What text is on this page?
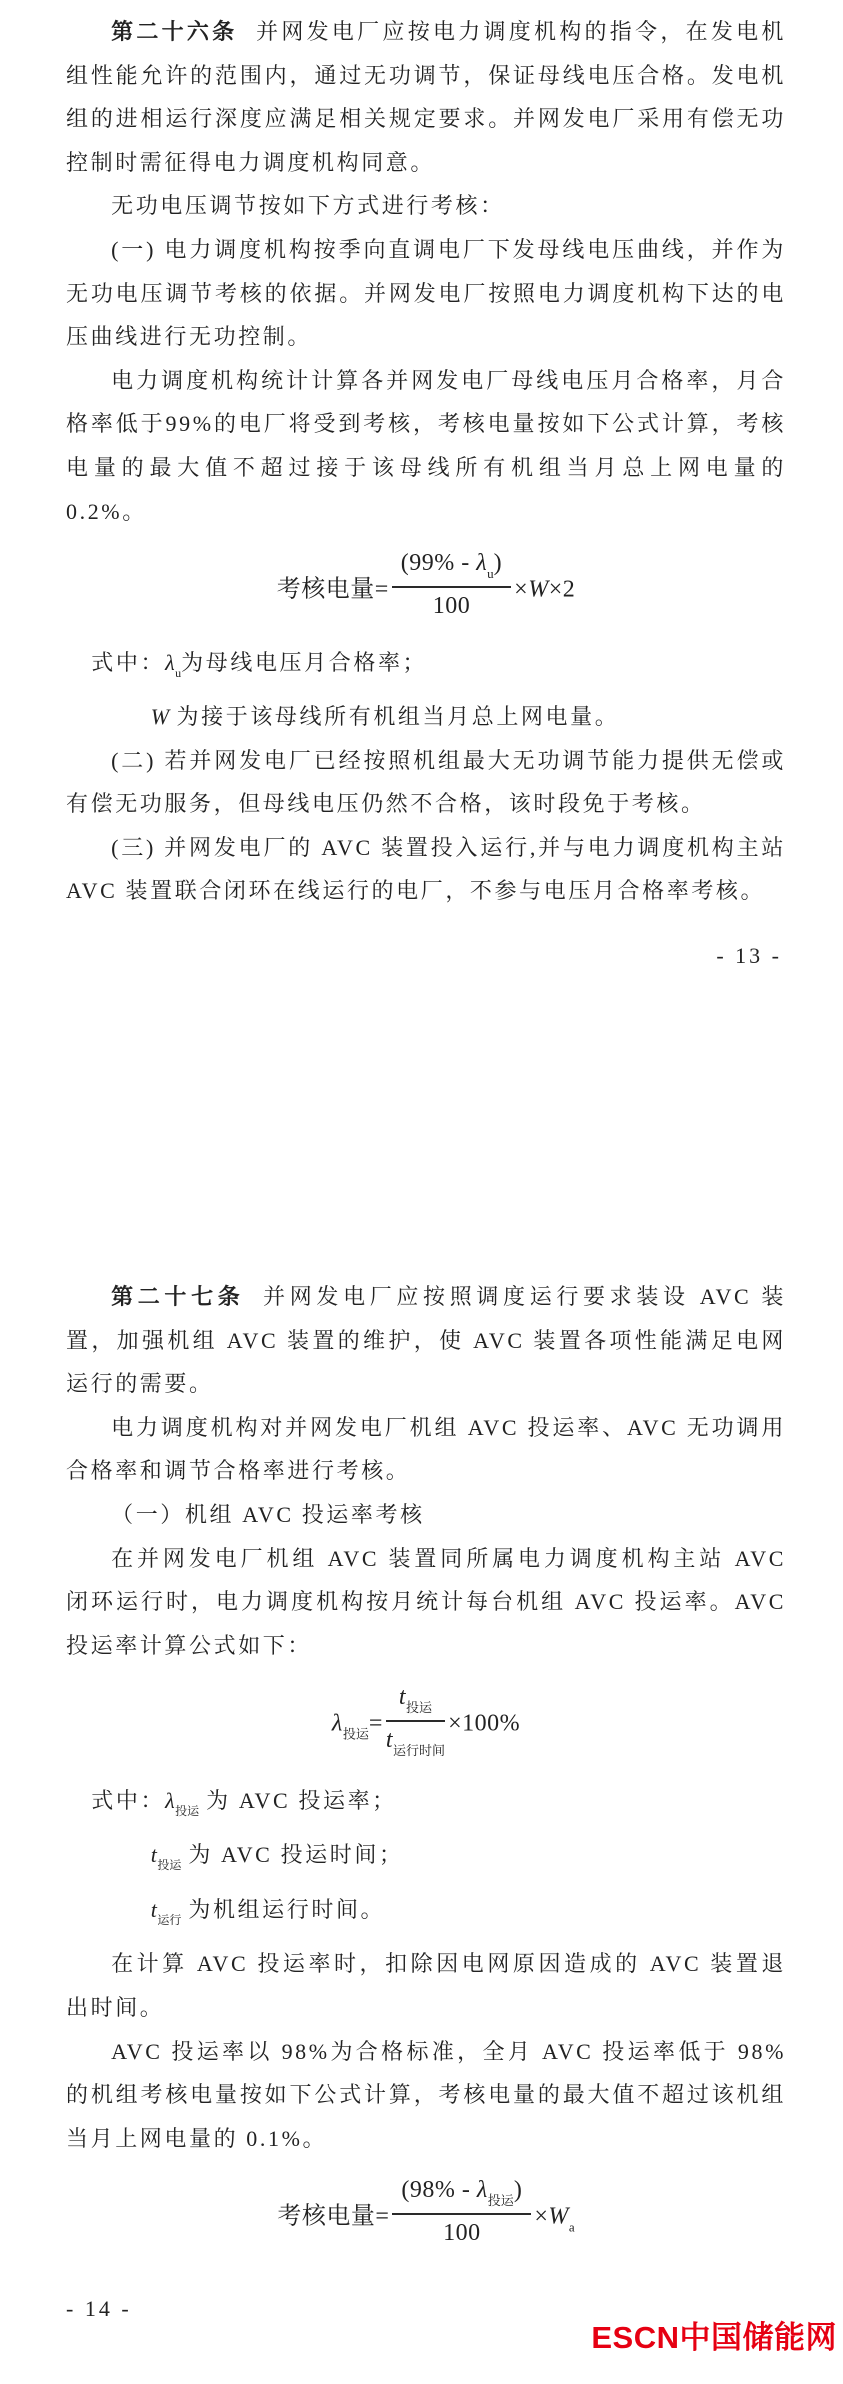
第二十六条 并网发电厂应按电力调度机构的指令，在发电机组性能允许的范围内，通过无功调节，保证母线电压合格。发电机组的进相运行深度应满足相关规定要求。并网发电厂采用有偿无功控制时需征得电力调度机构同意。

无功电压调节按如下方式进行考核：

(一) 电力调度机构按季向直调电厂下发母线电压曲线，并作为无功电压调节考核的依据。并网发电厂按照电力调度机构下达的电压曲线进行无功控制。

电力调度机构统计计算各并网发电厂母线电压月合格率，月合格率低于99%的电厂将受到考核，考核电量按如下公式计算，考核电量的最大值不超过接于该母线所有机组当月总上网电量的0.2%。

考核电量= $\frac{(99\% - \lambda_u)}{100} \times W\times 2$

式中：$\lambda_u$为母线电压月合格率；

W  为接于该母线所有机组当月总上网电量。

(二) 若并网发电厂已经按照机组最大无功调节能力提供无偿或有偿无功服务，但母线电压仍然不合格，该时段免于考核。

(三) 并网发电厂的 AVC 装置投入运行,并与电力调度机构主站 AVC 装置联合闭环在线运行的电厂，不参与电压月合格率考核。

- 13 -

第二十七条 并网发电厂应按照调度运行要求装设 AVC 装置，加强机组 AVC 装置的维护，使 AVC 装置各项性能满足电网运行的需要。

电力调度机构对并网发电厂机组 AVC 投运率、AVC 无功调用合格率和调节合格率进行考核。

（一）机组 AVC 投运率考核

在并网发电厂机组 AVC 装置同所属电力调度机构主站 AVC 闭环运行时，电力调度机构按月统计每台机组 AVC 投运率。AVC 投运率计算公式如下：

$\lambda_{投运}= \frac{t_{投运}}{t_{运行时间}} \times 100\%$

式中：$\lambda_{投运}$  为 AVC 投运率；

$t_{投运}$  为 AVC 投运时间；

$t_{运行}$  为机组运行时间。

在计算 AVC 投运率时，扣除因电网原因造成的 AVC 装置退出时间。

AVC 投运率以 98%为合格标准，全月 AVC 投运率低于 98%的机组考核电量按如下公式计算，考核电量的最大值不超过该机组当月上网电量的 0.1%。

考核电量= $\frac{(98\% - \lambda_{投运})}{100} \times W_a$
- 14 -
ESCN中国储能网
